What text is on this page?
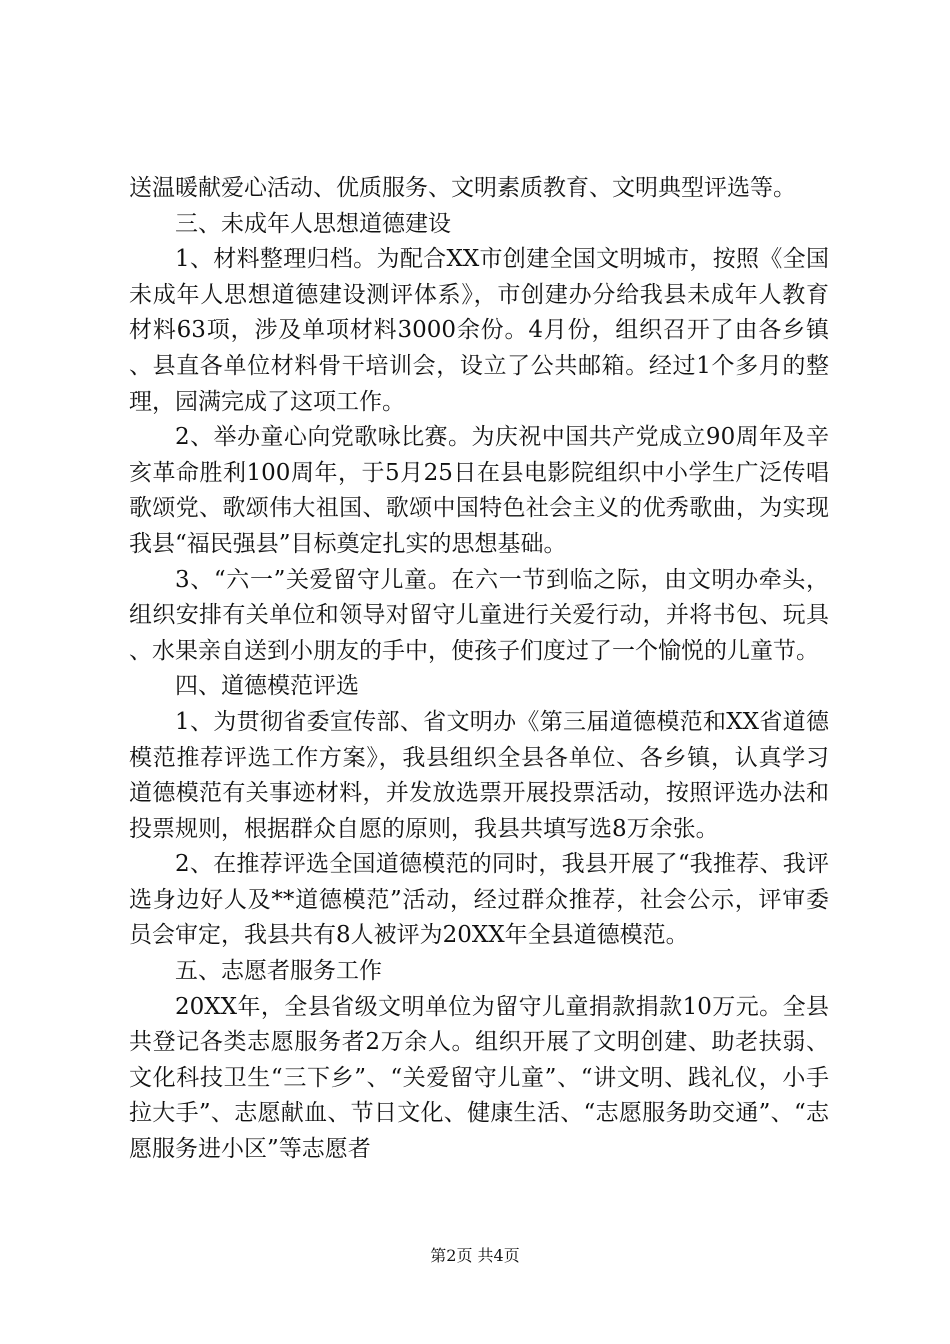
送温暖献爱心活动、优质服务、文明素质教育、文明典型评选等。

三、未成年人思想道德建设

1、材料整理归档。为配合XX市创建全国文明城市，按照《全国未成年人思想道德建设测评体系》，市创建办分给我县未成年人教育材料63项，涉及单项材料3000余份。4月份，组织召开了由各乡镇、县直各单位材料骨干培训会，设立了公共邮箱。经过1个多月的整理，园满完成了这项工作。

2、举办童心向党歌咏比赛。为庆祝中国共产党成立90周年及辛亥革命胜利100周年，于5月25日在县电影院组织中小学生广泛传唱歌颂党、歌颂伟大祖国、歌颂中国特色社会主义的优秀歌曲，为实现我县“福民强县”目标奠定扎实的思想基础。

3、“六一”关爱留守儿童。在六一节到临之际，由文明办牵头，组织安排有关单位和领导对留守儿童进行关爱行动，并将书包、玩具、水果亲自送到小朋友的手中，使孩子们度过了一个愉悦的儿童节。

四、道德模范评选

1、为贯彻省委宣传部、省文明办《第三届道德模范和XX省道德模范推荐评选工作方案》，我县组织全县各单位、各乡镇，认真学习道德模范有关事迹材料，并发放选票开展投票活动，按照评选办法和投票规则，根据群众自愿的原则，我县共填写选8万余张。

2、在推荐评选全国道德模范的同时，我县开展了“我推荐、我评选身边好人及**道德模范”活动，经过群众推荐，社会公示，评审委员会审定，我县共有8人被评为20XX年全县道德模范。

五、志愿者服务工作

20XX年，全县省级文明单位为留守儿童捐款捐款10万元。全县共登记各类志愿服务者2万余人。组织开展了文明创建、助老扶弱、文化科技卫生“三下乡”、“关爱留守儿童”、“讲文明、践礼仪，小手拉大手”、志愿献血、节日文化、健康生活、“志愿服务助交通”、“志愿服务进小区”等志愿者

第2页 共4页
